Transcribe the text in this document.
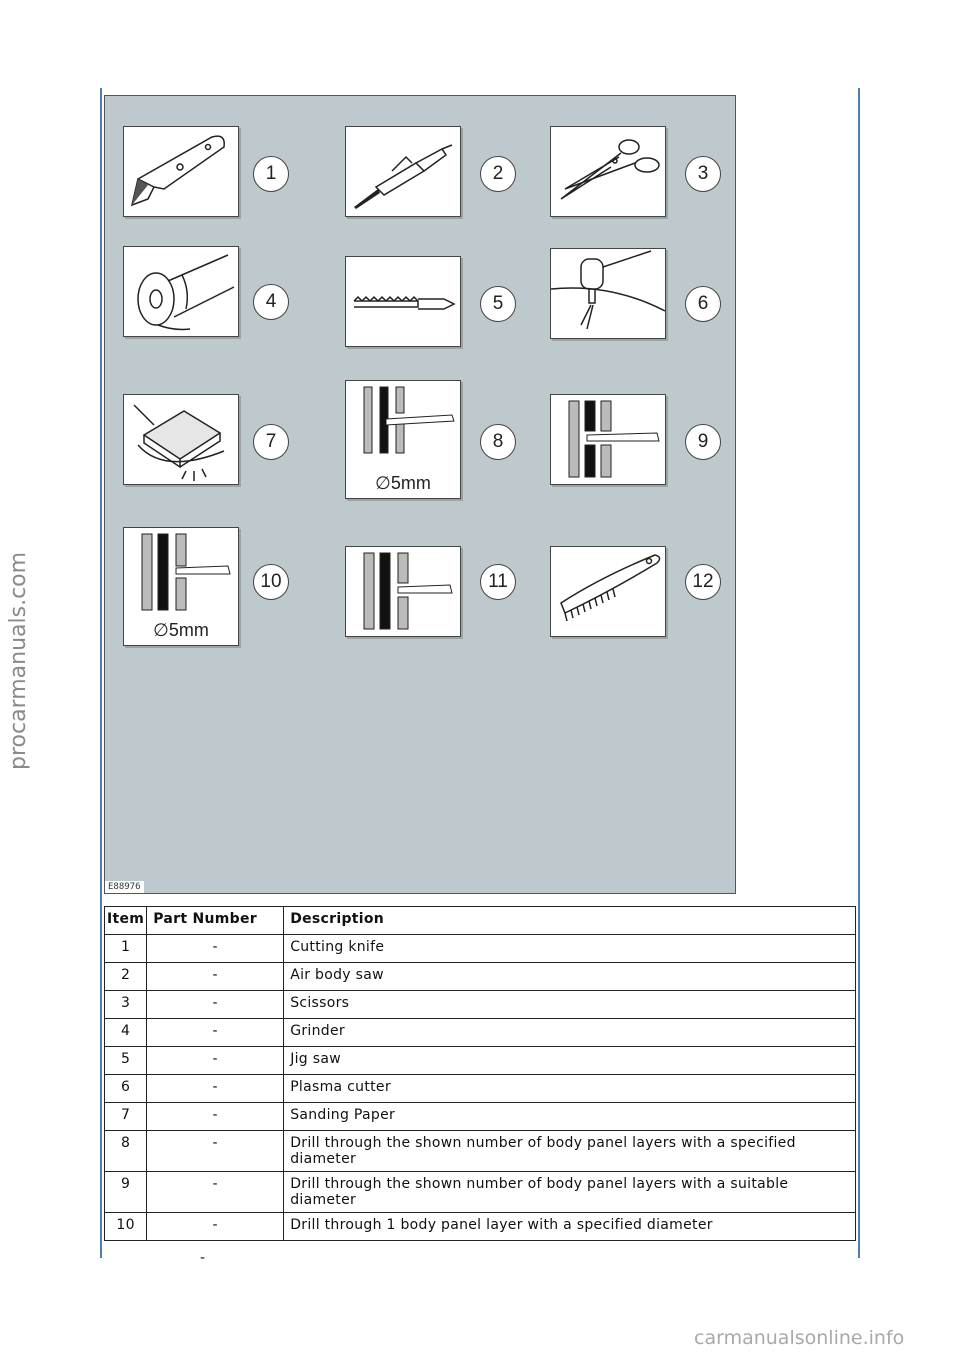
procarmanuals.com
1	2	3
4	5	6
7
∅5mm
8	9
∅5mm
10	11	12
E88976
Item	Part Number	Description
1	-	Cutting knife
2	-	Air body saw
3	-	Scissors
4	-	Grinder
5	-	Jig saw
6	-	Plasma cutter
7	-	Sanding Paper
8	-	Drill through the shown number of body panel layers with a specified diameter
9	-	Drill through the shown number of body panel layers with a suitable diameter
10	-	Drill through 1 body panel layer with a specified diameter
-
carmanualsonline.info
